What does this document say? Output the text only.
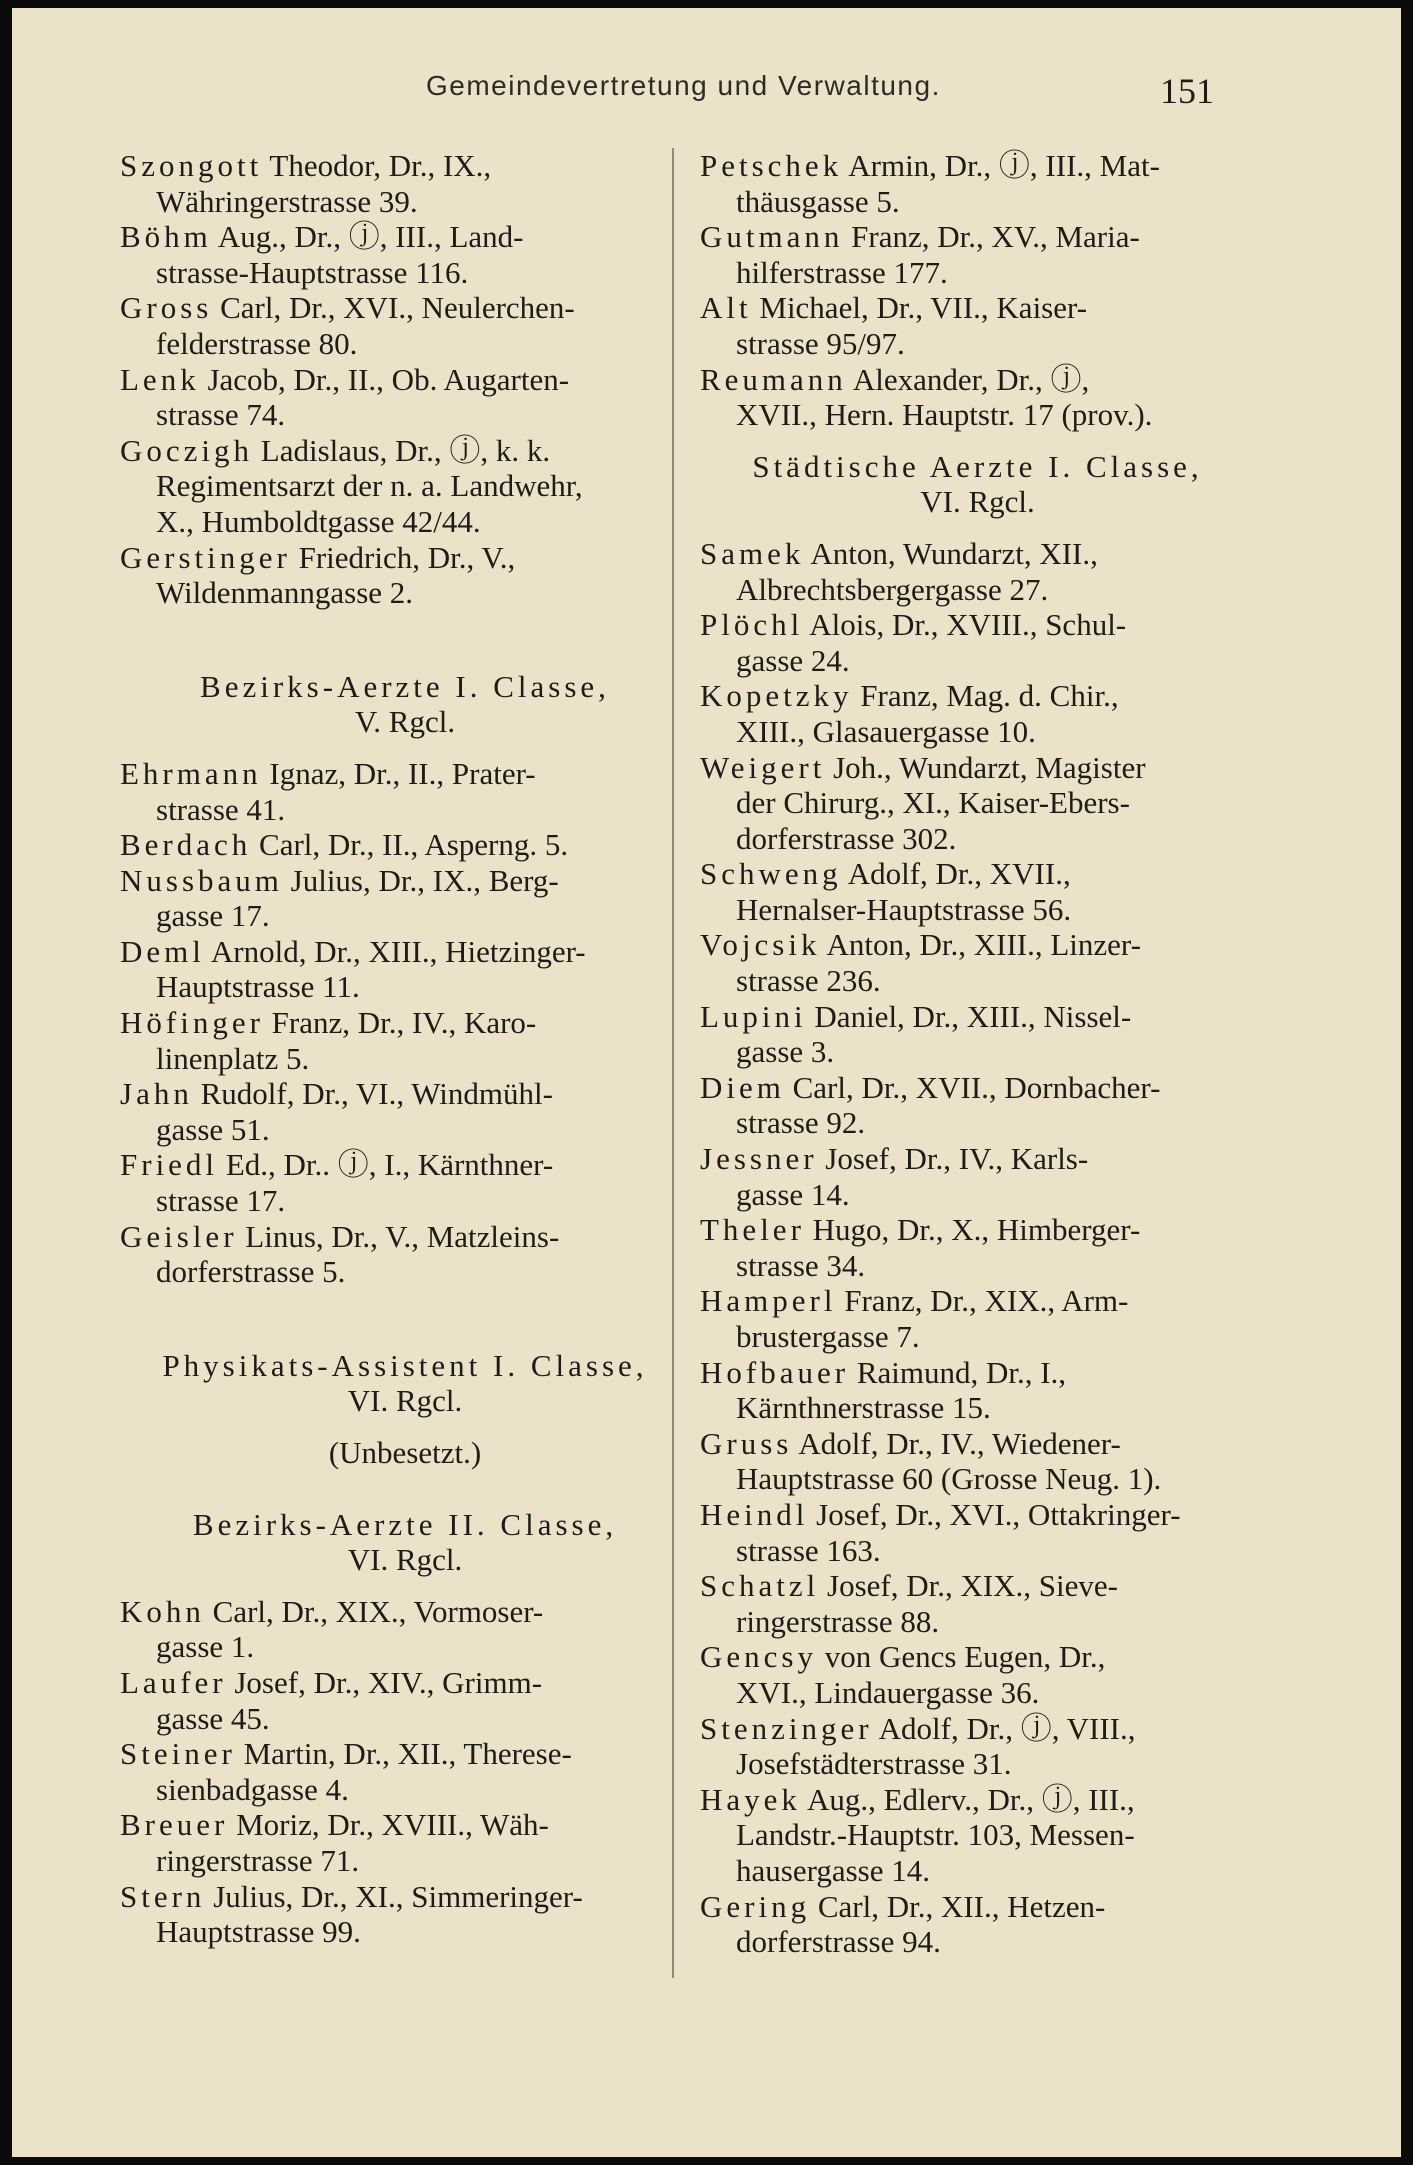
Gemeindevertretung und Verwaltung.	151
Szongott Theodor, Dr., IX.,
Währingerstrasse 39.
Böhm Aug., Dr., ⓙ, III., Land-
strasse-Hauptstrasse 116.
Gross Carl, Dr., XVI., Neulerchen-
felderstrasse 80.
Lenk Jacob, Dr., II., Ob. Augarten-
strasse 74.
Goczigh Ladislaus, Dr., ⓙ, k. k.
Regimentsarzt der n. a. Landwehr,
X., Humboldtgasse 42/44.
Gerstinger Friedrich, Dr., V.,
Wildenmanngasse 2.
Bezirks-Aerzte I. Classe,
V. Rgcl.
Ehrmann Ignaz, Dr., II., Prater-
strasse 41.
Berdach Carl, Dr., II., Asperng. 5.
Nussbaum Julius, Dr., IX., Berg-
gasse 17.
Deml Arnold, Dr., XIII., Hietzinger-
Hauptstrasse 11.
Höfinger Franz, Dr., IV., Karo-
linenplatz 5.
Jahn Rudolf, Dr., VI., Windmühl-
gasse 51.
Friedl Ed., Dr.. ⓙ, I., Kärnthner-
strasse 17.
Geisler Linus, Dr., V., Matzleins-
dorferstrasse 5.
Physikats-Assistent I. Classe,
VI. Rgcl.
(Unbesetzt.)
Bezirks-Aerzte II. Classe,
VI. Rgcl.
Kohn Carl, Dr., XIX., Vormoser-
gasse 1.
Laufer Josef, Dr., XIV., Grimm-
gasse 45.
Steiner Martin, Dr., XII., Therese-
sienbadgasse 4.
Breuer Moriz, Dr., XVIII., Wäh-
ringerstrasse 71.
Stern Julius, Dr., XI., Simmeringer-
Hauptstrasse 99.
Petschek Armin, Dr., ⓙ, III., Mat-
thäusgasse 5.
Gutmann Franz, Dr., XV., Maria-
hilferstrasse 177.
Alt Michael, Dr., VII., Kaiser-
strasse 95/97.
Reumann Alexander, Dr., ⓙ,
XVII., Hern. Hauptstr. 17 (prov.).
Städtische Aerzte I. Classe,
VI. Rgcl.
Samek Anton, Wundarzt, XII.,
Albrechtsbergergasse 27.
Plöchl Alois, Dr., XVIII., Schul-
gasse 24.
Kopetzky Franz, Mag. d. Chir.,
XIII., Glasauergasse 10.
Weigert Joh., Wundarzt, Magister
der Chirurg., XI., Kaiser-Ebers-
dorferstrasse 302.
Schweng Adolf, Dr., XVII.,
Hernalser-Hauptstrasse 56.
Vojcsik Anton, Dr., XIII., Linzer-
strasse 236.
Lupini Daniel, Dr., XIII., Nissel-
gasse 3.
Diem Carl, Dr., XVII., Dornbacher-
strasse 92.
Jessner Josef, Dr., IV., Karls-
gasse 14.
Theler Hugo, Dr., X., Himberger-
strasse 34.
Hamperl Franz, Dr., XIX., Arm-
brustergasse 7.
Hofbauer Raimund, Dr., I.,
Kärnthnerstrasse 15.
Gruss Adolf, Dr., IV., Wiedener-
Hauptstrasse 60 (Grosse Neug. 1).
Heindl Josef, Dr., XVI., Ottakringer-
strasse 163.
Schatzl Josef, Dr., XIX., Sieve-
ringerstrasse 88.
Gencsy von Gencs Eugen, Dr.,
XVI., Lindauergasse 36.
Stenzinger Adolf, Dr., ⓙ, VIII.,
Josefstädterstrasse 31.
Hayek Aug., Edlerv., Dr., ⓙ, III.,
Landstr.-Hauptstr. 103, Messen-
hausergasse 14.
Gering Carl, Dr., XII., Hetzen-
dorferstrasse 94.
